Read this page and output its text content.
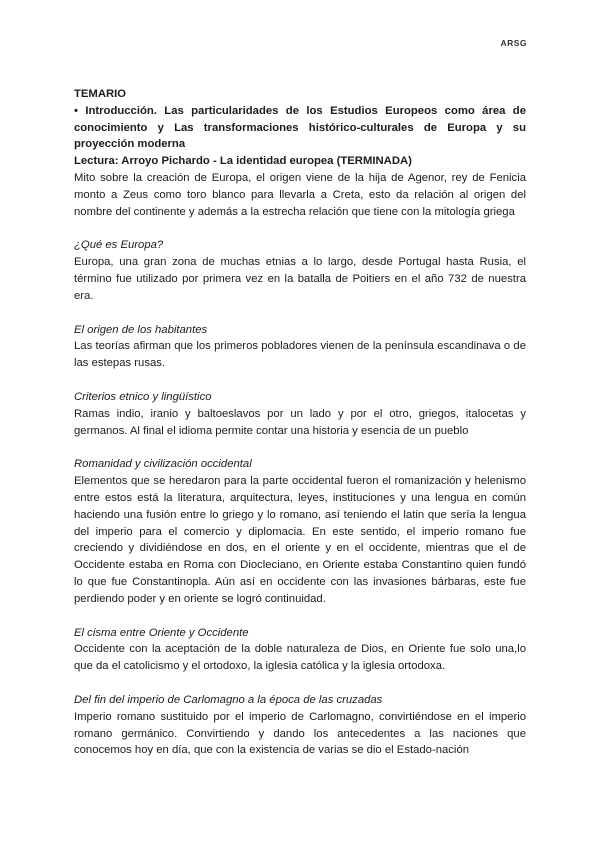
ARSG

TEMARIO

• Introducción. Las particularidades de los Estudios Europeos como área de conocimiento y Las transformaciones histórico-culturales de Europa y su proyección moderna

Lectura: Arroyo Pichardo - La identidad europea (TERMINADA)

Mito sobre la creación de Europa, el origen viene de la hija de Agenor, rey de Fenicia monto a Zeus como toro blanco para llevarla a Creta, esto da relación al origen del nombre del continente y además a la estrecha relación que tiene con la mitología griega

¿Qué es Europa?

Europa, una gran zona de muchas etnias a lo largo, desde Portugal hasta Rusia, el término fue utilizado por primera vez en la batalla de Poitiers en el año 732 de nuestra era.

El origen de los habitantes

Las teorías afirman que los primeros pobladores vienen de la península escandinava o de las estepas rusas.

Criterios etnico y lingüístico

Ramas indio, iranio y baltoeslavos por un lado y por el otro, griegos, italocetas y germanos. Al final el idioma permite contar una historia y esencia de un pueblo

Romanidad y civilización occidental

Elementos que se heredaron para la parte occidental fueron el romanización y helenismo entre estos está la literatura, arquitectura, leyes, instituciones y una lengua en común haciendo una fusión entre lo griego y lo romano, así teniendo el latin que sería la lengua del imperio para el comercio y diplomacia. En este sentido, el imperio romano fue creciendo y dividiéndose en dos, en el oriente y en el occidente, mientras que el de Occidente estaba en Roma con Diocleciano, en Oriente estaba Constantino quien fundó lo que fue Constantinopla. Aún así en occidente con las invasiones bárbaras, este fue perdiendo poder y en oriente se logró continuidad.

El cisma entre Oriente y Occidente

Occidente con la aceptación de la doble naturaleza de Dios, en Oriente fue solo una,lo que da el catolicismo y el ortodoxo, la iglesia católica y la iglesia ortodoxa.

Del fin del imperio de Carlomagno a la época de las cruzadas

Imperio romano sustituido por el imperio de Carlomagno, convirtiéndose en el imperio romano germánico. Convirtiendo y dando los antecedentes a las naciones que conocemos hoy en día, que con la existencia de varias se dio el Estado-nación
